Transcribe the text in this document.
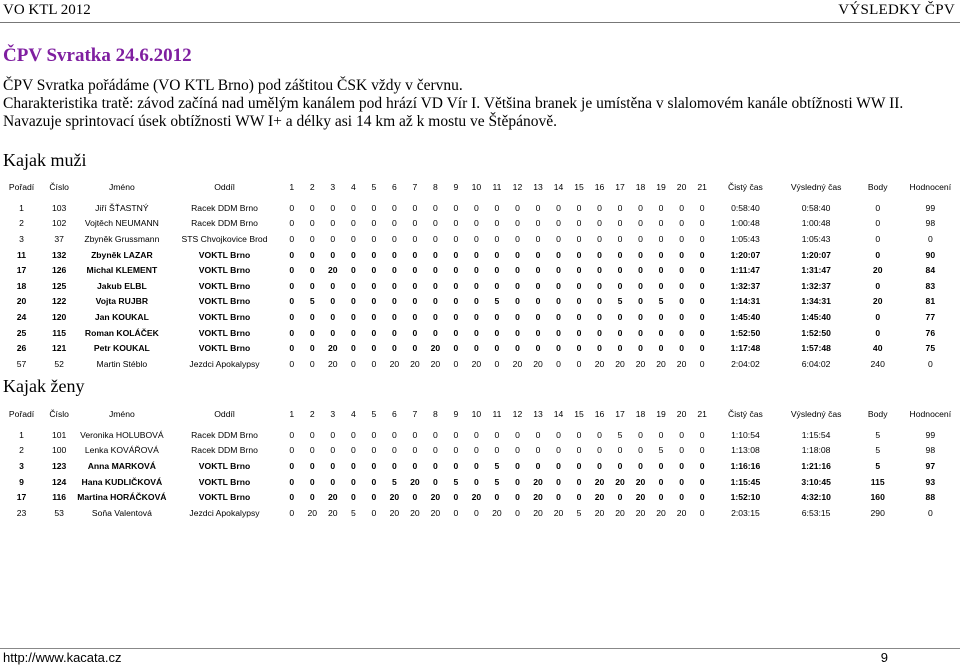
VO KTL 2012	VÝSLEDKY ČPV
ČPV Svratka 24.6.2012

ČPV Svratka pořádáme (VO KTL Brno) pod záštitou ČSK vždy v červnu.

Charakteristika tratě: závod začíná nad umělým kanálem pod hrází VD Vír I. Většina branek je umístěna v slalomovém kanále obtížnosti WW II. Navazuje sprintovací úsek obtížnosti WW I+ a délky asi 14 km až k mostu ve Štěpánově.

Kajak muži
Pořadí	Číslo	Jméno	Oddíl	1	2	3	4	5	6	7	8	9	10	11	12	13	14	15	16	17	18	19	20	21	Čistý čas	Výsledný čas	Body	Hodnocení
1	103	Jiří ŠŤASTNÝ	Racek DDM Brno	0	0	0	0	0	0	0	0	0	0	0	0	0	0	0	0	0	0	0	0	0	0:58:40	0:58:40	0	99
2	102	Vojtěch NEUMANN	Racek DDM Brno	0	0	0	0	0	0	0	0	0	0	0	0	0	0	0	0	0	0	0	0	0	1:00:48	1:00:48	0	98
3	37	Zbyněk Grussmann	STS Chvojkovice Brod	0	0	0	0	0	0	0	0	0	0	0	0	0	0	0	0	0	0	0	0	0	1:05:43	1:05:43	0	0
11	132	Zbyněk LAZAR	VOKTL Brno	0	0	0	0	0	0	0	0	0	0	0	0	0	0	0	0	0	0	0	0	0	1:20:07	1:20:07	0	90
17	126	Michal KLEMENT	VOKTL Brno	0	0	20	0	0	0	0	0	0	0	0	0	0	0	0	0	0	0	0	0	0	1:11:47	1:31:47	20	84
18	125	Jakub ELBL	VOKTL Brno	0	0	0	0	0	0	0	0	0	0	0	0	0	0	0	0	0	0	0	0	0	1:32:37	1:32:37	0	83
20	122	Vojta RUJBR	VOKTL Brno	0	5	0	0	0	0	0	0	0	0	5	0	0	0	0	0	5	0	5	0	0	1:14:31	1:34:31	20	81
24	120	Jan KOUKAL	VOKTL Brno	0	0	0	0	0	0	0	0	0	0	0	0	0	0	0	0	0	0	0	0	0	1:45:40	1:45:40	0	77
25	115	Roman KOLÁČEK	VOKTL Brno	0	0	0	0	0	0	0	0	0	0	0	0	0	0	0	0	0	0	0	0	0	1:52:50	1:52:50	0	76
26	121	Petr KOUKAL	VOKTL Brno	0	0	20	0	0	0	0	20	0	0	0	0	0	0	0	0	0	0	0	0	0	1:17:48	1:57:48	40	75
57	52	Martin Stéblo	Jezdci Apokalypsy	0	0	20	0	0	20	20	20	0	20	0	20	20	0	0	20	20	20	20	20	0	2:04:02	6:04:02	240	0
Kajak ženy
Pořadí	Číslo	Jméno	Oddíl	1	2	3	4	5	6	7	8	9	10	11	12	13	14	15	16	17	18	19	20	21	Čistý čas	Výsledný čas	Body	Hodnocení
1	101	Veronika HOLUBOVÁ	Racek DDM Brno	0	0	0	0	0	0	0	0	0	0	0	0	0	0	0	0	5	0	0	0	0	1:10:54	1:15:54	5	99
2	100	Lenka KOVÁŘOVÁ	Racek DDM Brno	0	0	0	0	0	0	0	0	0	0	0	0	0	0	0	0	0	0	5	0	0	1:13:08	1:18:08	5	98
3	123	Anna MARKOVÁ	VOKTL Brno	0	0	0	0	0	0	0	0	0	0	5	0	0	0	0	0	0	0	0	0	0	1:16:16	1:21:16	5	97
9	124	Hana KUDLIČKOVÁ	VOKTL Brno	0	0	0	0	0	5	20	0	5	0	5	0	20	0	0	20	20	20	0	0	0	1:15:45	3:10:45	115	93
17	116	Martina HORÁČKOVÁ	VOKTL Brno	0	0	20	0	0	20	0	20	0	20	0	0	20	0	0	20	0	20	0	0	0	1:52:10	4:32:10	160	88
23	53	Soňa Valentová	Jezdci Apokalypsy	0	20	20	5	0	20	20	20	0	0	20	0	20	20	5	20	20	20	20	20	0	2:03:15	6:53:15	290	0
http://www.kacata.cz	9
